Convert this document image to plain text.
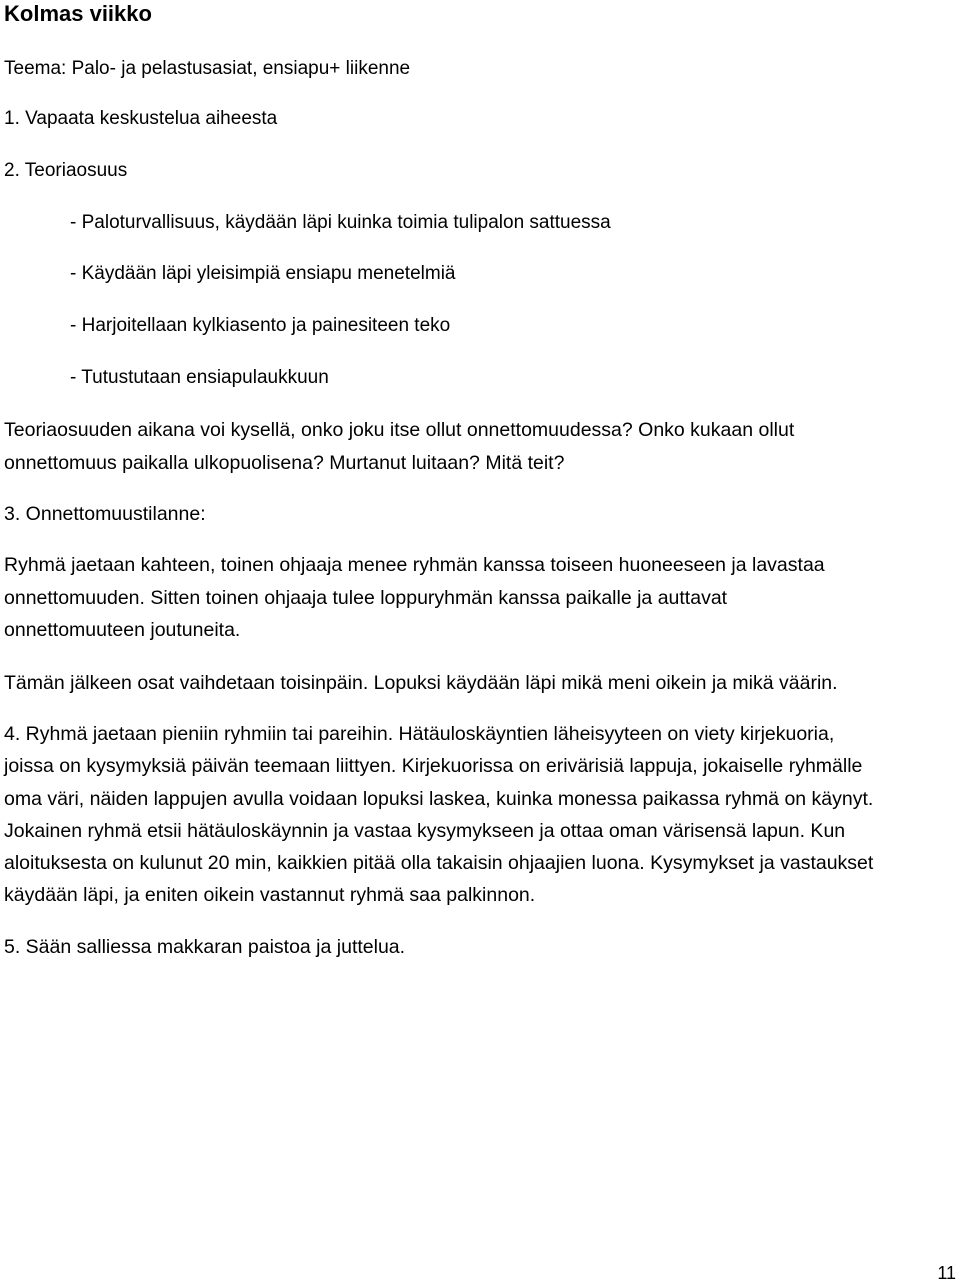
Kolmas viikko
Teema: Palo- ja pelastusasiat, ensiapu+ liikenne
1. Vapaata keskustelua aiheesta
2. Teoriaosuus
- Paloturvallisuus, käydään läpi kuinka toimia tulipalon sattuessa
- Käydään läpi yleisimpiä ensiapu menetelmiä
- Harjoitellaan kylkiasento ja painesiteen teko
- Tutustutaan ensiapulaukkuun
Teoriaosuuden aikana voi kysellä, onko joku itse ollut onnettomuudessa? Onko kukaan ollut
onnettomuus paikalla ulkopuolisena? Murtanut luitaan? Mitä teit?
3. Onnettomuustilanne:
Ryhmä jaetaan kahteen, toinen ohjaaja menee ryhmän kanssa toiseen huoneeseen ja lavastaa
onnettomuuden. Sitten toinen ohjaaja tulee loppuryhmän kanssa paikalle ja auttavat
onnettomuuteen joutuneita.
Tämän jälkeen osat vaihdetaan toisinpäin. Lopuksi käydään läpi mikä meni oikein ja mikä väärin.
4. Ryhmä jaetaan pieniin ryhmiin tai pareihin. Hätäuloskäyntien läheisyyteen on viety kirjekuoria,
joissa on kysymyksiä päivän teemaan liittyen. Kirjekuorissa on erivärisiä lappuja, jokaiselle ryhmälle
oma väri, näiden lappujen avulla voidaan lopuksi laskea, kuinka monessa paikassa ryhmä on käynyt.
Jokainen ryhmä etsii hätäuloskäynnin ja vastaa kysymykseen ja ottaa oman värisensä lapun. Kun
aloituksesta on kulunut 20 min, kaikkien pitää olla takaisin ohjaajien luona. Kysymykset ja vastaukset
käydään läpi, ja eniten oikein vastannut ryhmä saa palkinnon.
5. Sään salliessa makkaran paistoa ja juttelua.
11
